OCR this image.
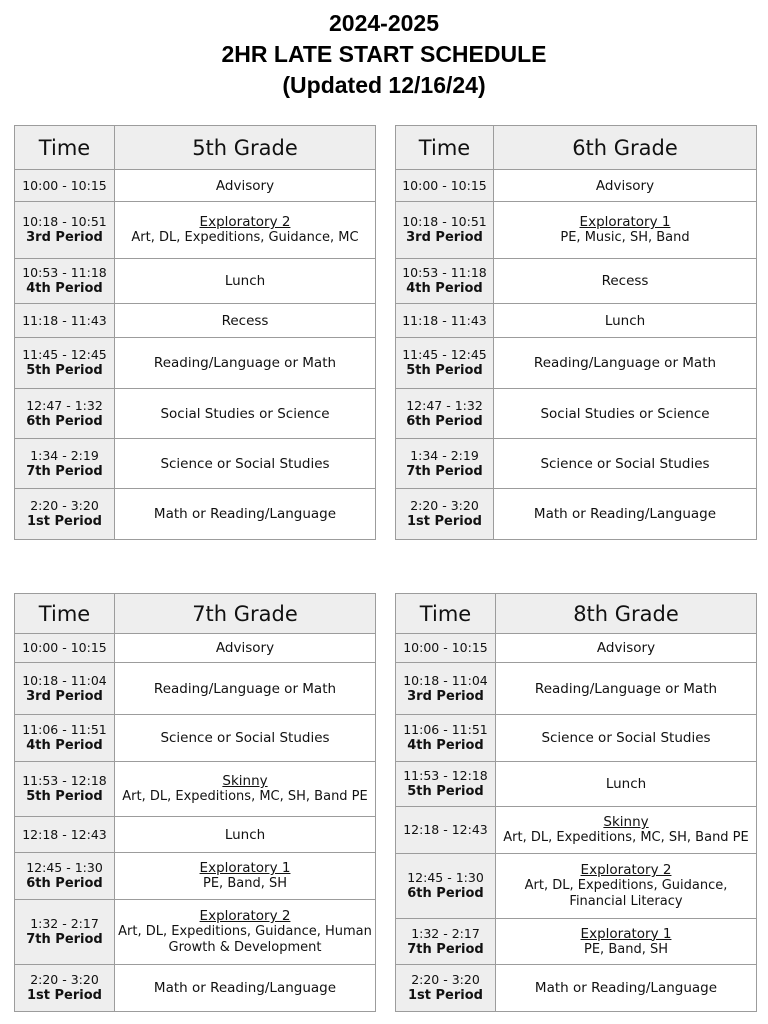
2024-2025
2HR LATE START SCHEDULE
(Updated 12/16/24)
Time	5th Grade

10:00 - 10:15	Advisory

10:18 - 10:51
3rd Period	Exploratory 2
Art, DL, Expeditions, Guidance, MC

10:53 - 11:18
4th Period	Lunch

11:18 - 11:43	Recess

11:45 - 12:45
5th Period	Reading/Language or Math

12:47 - 1:32
6th Period	Social Studies or Science

1:34 - 2:19
7th Period	Science or Social Studies

2:20 - 3:20
1st Period	Math or Reading/Language
Time	6th Grade

10:00 - 10:15	Advisory

10:18 - 10:51
3rd Period	Exploratory 1
PE, Music, SH, Band

10:53 - 11:18
4th Period	Recess

11:18 - 11:43	Lunch

11:45 - 12:45
5th Period	Reading/Language or Math

12:47 - 1:32
6th Period	Social Studies or Science

1:34 - 2:19
7th Period	Science or Social Studies

2:20 - 3:20
1st Period	Math or Reading/Language
Time	7th Grade

10:00 - 10:15	Advisory

10:18 - 11:04
3rd Period	Reading/Language or Math

11:06 - 11:51
4th Period	Science or Social Studies

11:53 - 12:18
5th Period	Skinny
Art, DL, Expeditions, MC, SH, Band PE

12:18 - 12:43	Lunch

12:45 - 1:30
6th Period	Exploratory 1
PE, Band, SH

1:32 - 2:17
7th Period	Exploratory 2
Art, DL, Expeditions, Guidance, Human Growth & Development

2:20 - 3:20
1st Period	Math or Reading/Language
Time	8th Grade

10:00 - 10:15	Advisory

10:18 - 11:04
3rd Period	Reading/Language or Math

11:06 - 11:51
4th Period	Science or Social Studies

11:53 - 12:18
5th Period	Lunch

12:18 - 12:43	Skinny
Art, DL, Expeditions, MC, SH, Band PE

12:45 - 1:30
6th Period	Exploratory 2
Art, DL, Expeditions, Guidance, Financial Literacy

1:32 - 2:17
7th Period	Exploratory 1
PE, Band, SH

2:20 - 3:20
1st Period	Math or Reading/Language
